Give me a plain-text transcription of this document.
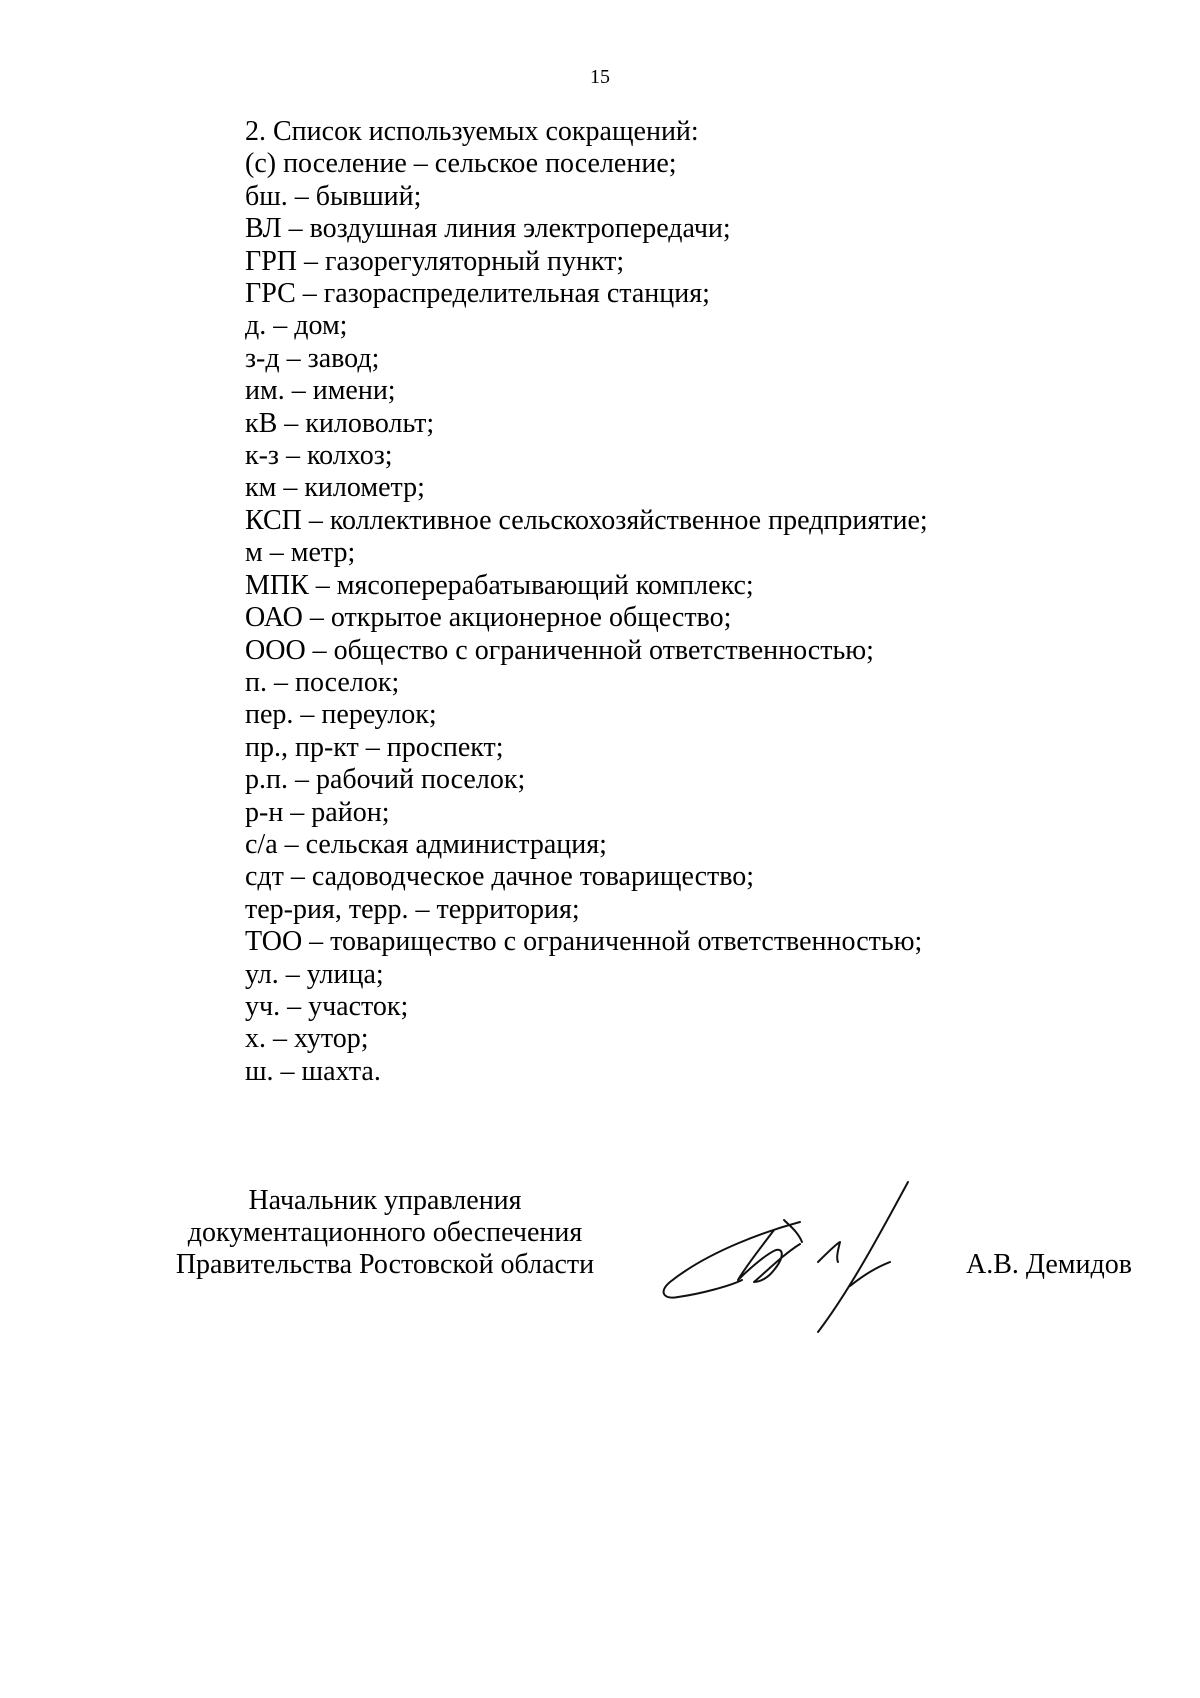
15
2. Список используемых сокращений:
(с) поселение – сельское поселение;
бш. – бывший;
ВЛ – воздушная линия электропередачи;
ГРП – газорегуляторный пункт;
ГРС – газораспределительная станция;
д. – дом;
з-д – завод;
им. – имени;
кВ – киловольт;
к-з – колхоз;
км – километр;
КСП – коллективное сельскохозяйственное предприятие;
м – метр;
МПК – мясоперерабатывающий комплекс;
ОАО – открытое акционерное общество;
ООО – общество с ограниченной ответственностью;
п. – поселок;
пер. – переулок;
пр., пр-кт – проспект;
р.п. – рабочий поселок;
р-н – район;
с/а – сельская администрация;
сдт – садоводческое дачное товарищество;
тер-рия, терр. – территория;
ТОО – товарищество с ограниченной ответственностью;
ул. – улица;
уч. – участок;
х. – хутор;
ш. – шахта.
Начальник управления
документационного обеспечения
Правительства Ростовской области	А.В. Демидов
